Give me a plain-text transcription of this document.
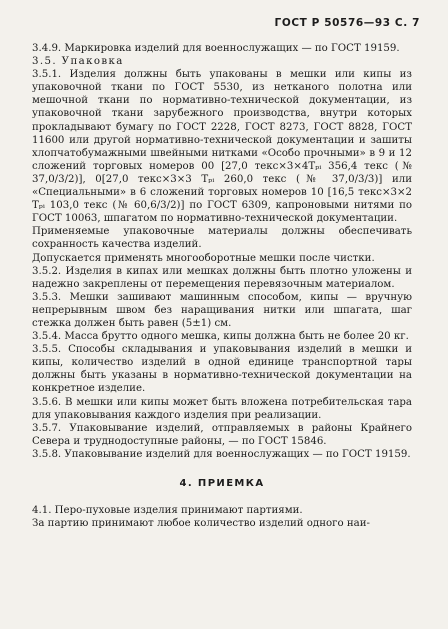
ГОСТ Р 50576—93 С. 7

3.4.9. Маркировка изделий для военнослужащих — по ГОСТ 19159.

3.5. Упаковка

3.5.1. Изделия должны быть упакованы в мешки или кипы из упаковочной ткани по ГОСТ 5530, из нетканого полотна или мешочной ткани по нормативно-технической документации, из упаковочной ткани зарубежного производства, внутри которых прокладывают бумагу по ГОСТ 2228, ГОСТ 8273, ГОСТ 8828, ГОСТ 11600 или другой нормативно-технической документации и зашиты хлопчатобумажными швейными нитками «Особо прочными» в 9 и 12 сложений торговых номеров 00 [27,0 текс×3×4Tₚᵢ 356,4 текс (№ 37,0/3/2)], 0[27,0 текс×3×3 Tₚᵢ 260,0 текс (№ 37,0/3/3)] или «Специальными» в 6 сложений торговых номеров 10 [16,5 текс×3×2 Tₚᵢ 103,0 текс (№ 60,6/3/2)] по ГОСТ 6309, капроновыми нитями по ГОСТ 10063, шпагатом по нормативно-технической документации.

Применяемые упаковочные материалы должны обеспечивать сохранность качества изделий.

Допускается применять многооборотные мешки после чистки.

3.5.2. Изделия в кипах или мешках должны быть плотно уложены и надежно закреплены от перемещения перевязочным материалом.

3.5.3. Мешки зашивают машинным способом, кипы — вручную непрерывным швом без наращивания нитки или шпагата, шаг стежка должен быть равен (5±1) см.

3.5.4. Масса брутто одного мешка, кипы должна быть не более 20 кг.

3.5.5. Способы складывания и упаковывания изделий в мешки и кипы, количество изделий в одной единице транспортной тары должны быть указаны в нормативно-технической документации на конкретное изделие.

3.5.6. В мешки или кипы может быть вложена потребительская тара для упаковывания каждого изделия при реализации.

3.5.7. Упаковывание изделий, отправляемых в районы Крайнего Севера и труднодоступные районы, — по ГОСТ 15846.

3.5.8. Упаковывание изделий для военнослужащих — по ГОСТ 19159.

4. ПРИЕМКА

4.1. Перо-пуховые изделия принимают партиями.

За партию принимают любое количество изделий одного наи-
